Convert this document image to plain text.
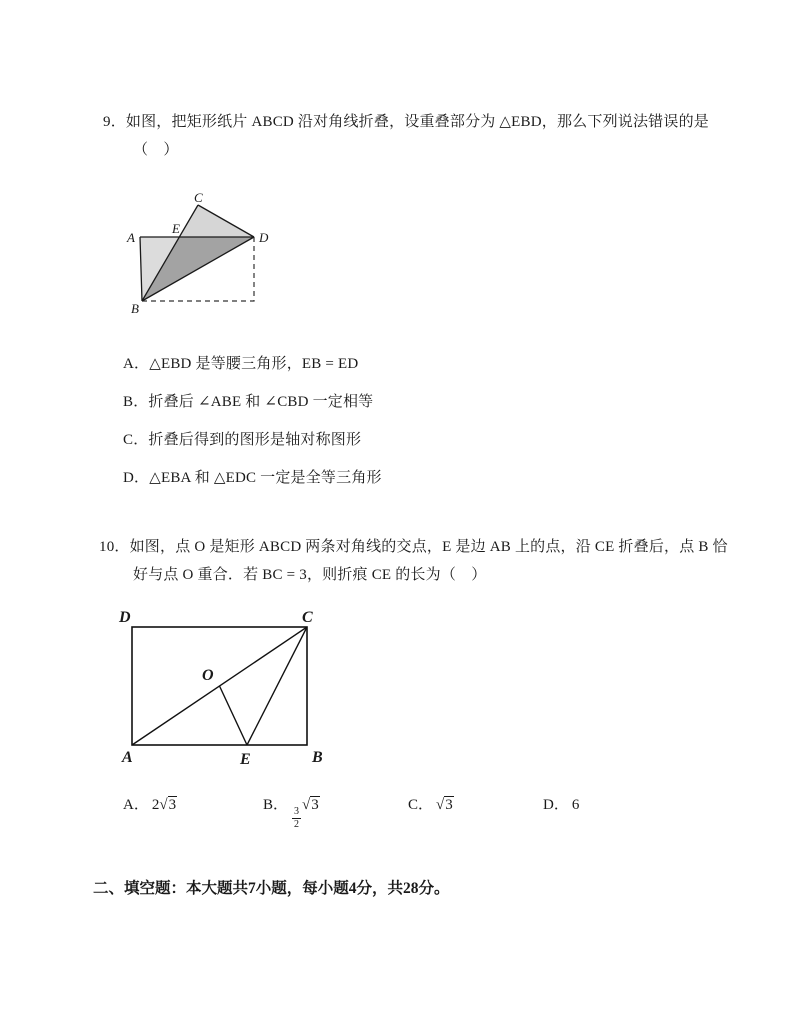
9．如图，把矩形纸片 ABCD 沿对角线折叠，设重叠部分为 △EBD，那么下列说法错误的是
（　）
C
A
E
D
B
A．△EBD 是等腰三角形，EB = ED
B．折叠后 ∠ABE 和 ∠CBD 一定相等
C．折叠后得到的图形是轴对称图形
D．△EBA 和 △EDC 一定是全等三角形
10．如图，点 O 是矩形 ABCD 两条对角线的交点，E 是边 AB 上的点，沿 CE 折叠后，点 B 恰
好与点 O 重合．若 BC = 3，则折痕 CE 的长为（　）
D	C
A	B
E
O
A． 2√3	B．
$\frac{3}{2}$
√3	C． √3	D． 6
二、填空题：本大题共7小题，每小题4分，共28分。
